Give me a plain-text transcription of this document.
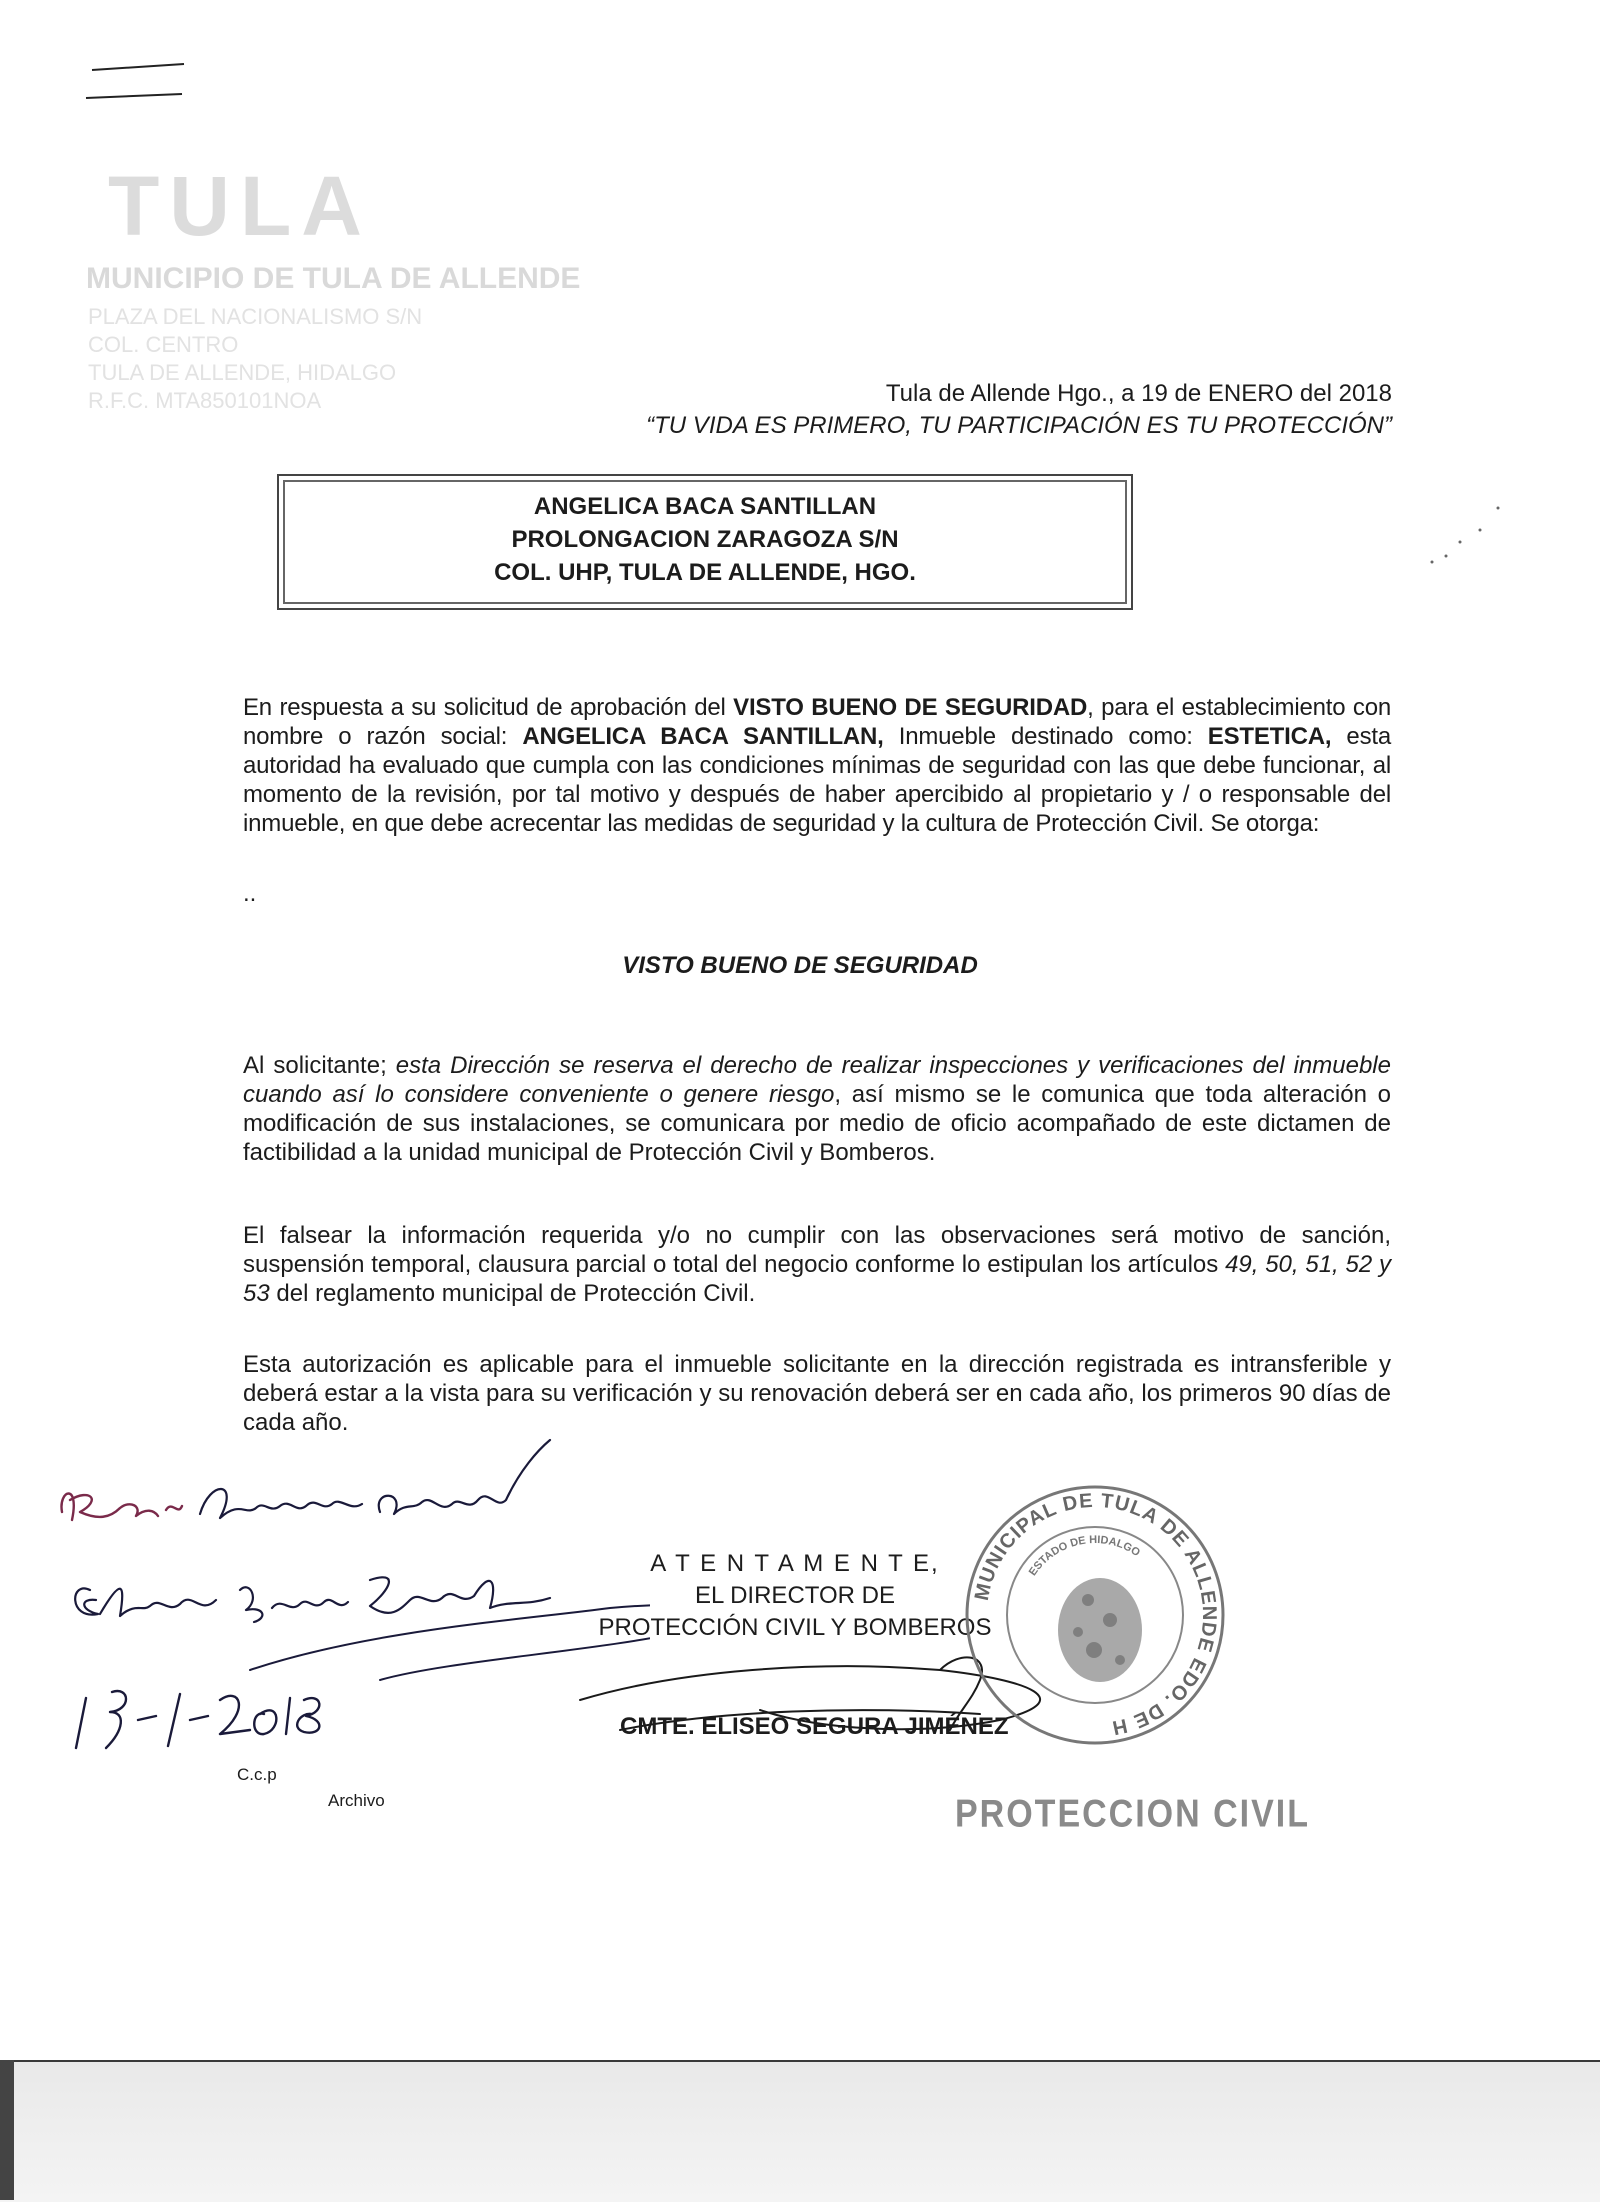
TULA
MUNICIPIO DE TULA DE ALLENDE
PLAZA DEL NACIONALISMO S/N
COL. CENTRO
TULA DE ALLENDE, HIDALGO
R.F.C. MTA850101NOA	Tula de Allende Hgo., a 19 de ENERO del 2018
“TU VIDA ES PRIMERO, TU PARTICIPACIÓN ES TU PROTECCIÓN”
ANGELICA BACA SANTILLAN
PROLONGACION ZARAGOZA S/N
COL. UHP, TULA DE ALLENDE, HGO.
En respuesta a su solicitud de aprobación del VISTO BUENO DE SEGURIDAD, para el establecimiento con nombre o razón social: ANGELICA BACA SANTILLAN, Inmueble destinado como: ESTETICA, esta autoridad ha evaluado que cumpla con las condiciones mínimas de seguridad con las que debe funcionar, al momento de la revisión, por tal motivo y después de haber apercibido al propietario y / o responsable del inmueble, en que debe acrecentar las medidas de seguridad y la cultura de Protección Civil. Se otorga:
..
VISTO BUENO DE SEGURIDAD
Al solicitante; esta Dirección se reserva el derecho de realizar inspecciones y verificaciones del inmueble cuando así lo considere conveniente o genere riesgo, así mismo se le comunica que toda alteración o modificación de sus instalaciones, se comunicara por medio de oficio acompañado de este dictamen de factibilidad a la unidad municipal de Protección Civil y Bomberos.
El falsear la información requerida y/o no cumplir con las observaciones será motivo de sanción, suspensión temporal, clausura parcial o total del negocio conforme lo estipulan los artículos 49, 50, 51, 52 y 53 del reglamento municipal de Protección Civil.
Esta autorización es aplicable para el inmueble solicitante en la dirección registrada es intransferible y deberá estar a la vista para su verificación y su renovación deberá ser en cada año, los primeros 90 días de cada año.
A T E N T A M E N T E,
EL DIRECTOR DE
PROTECCIÓN CIVIL Y BOMBEROS
CMTE. ELISEO SEGURA JIMÉNEZ
MUNICIPAL DE TULA DE ALLENDE EDO. DE H
ESTADO DE HIDALGO
PROTECCION CIVIL
C.c.p
Archivo
